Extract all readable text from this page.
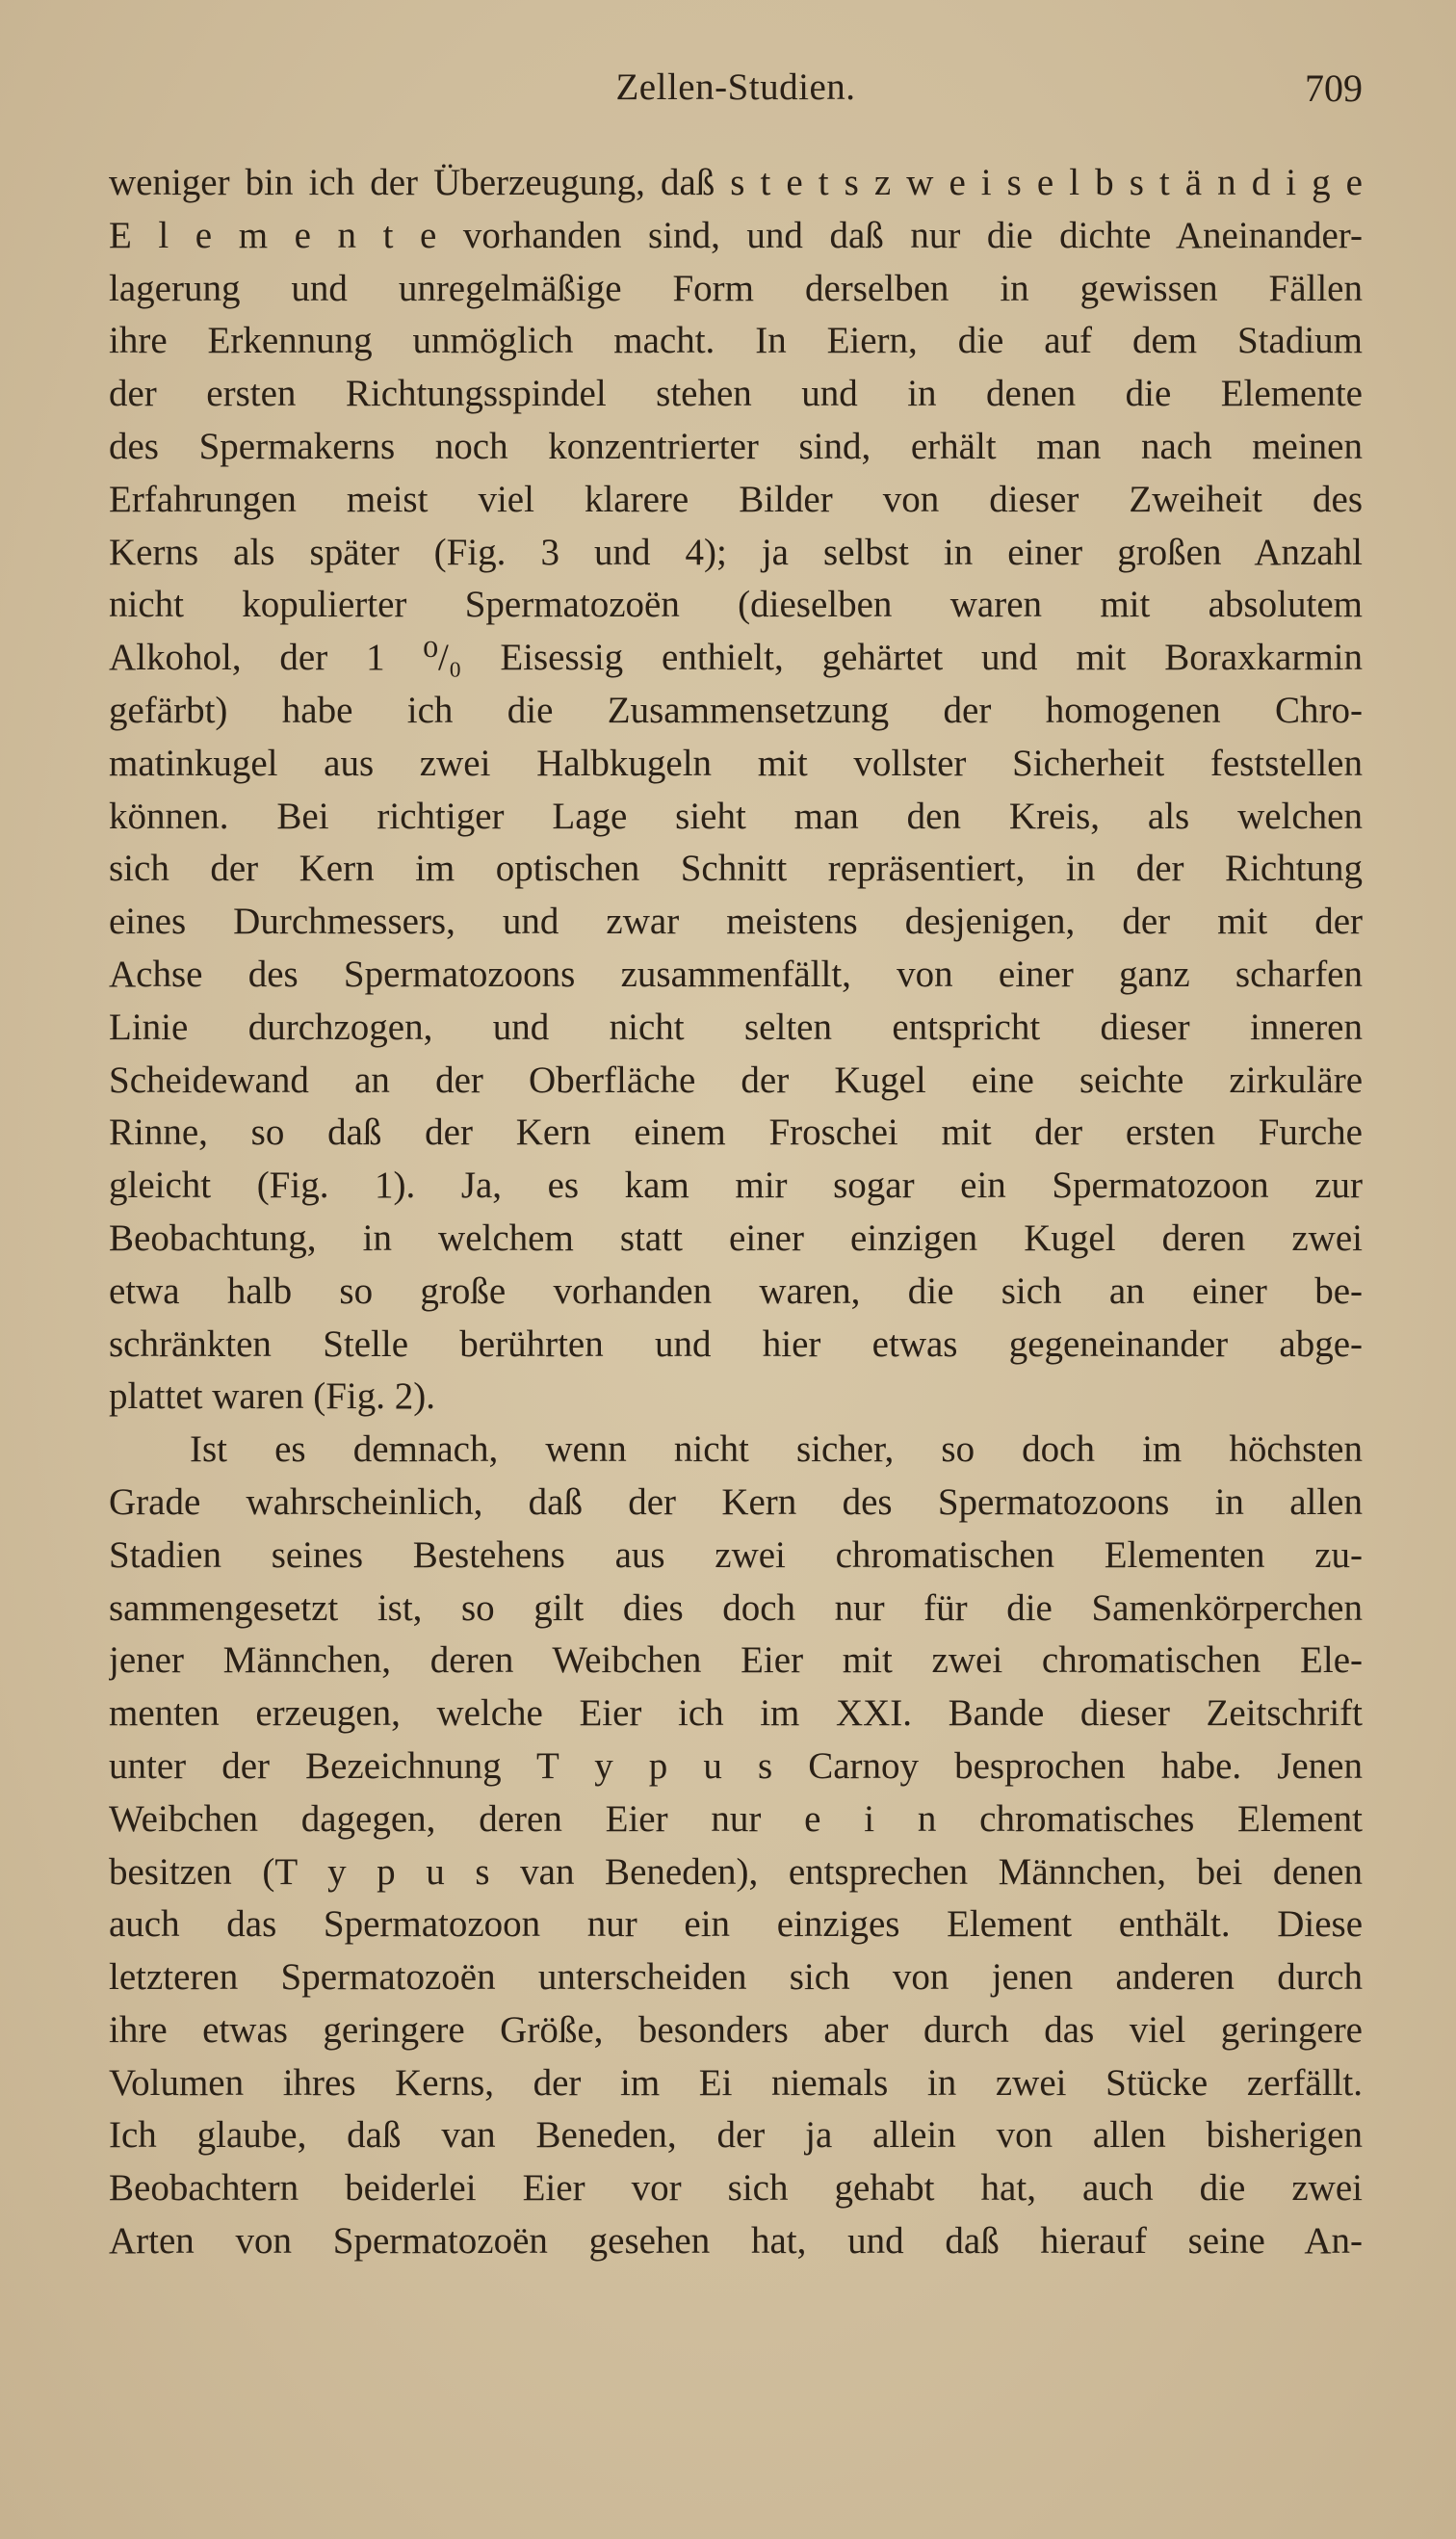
Zellen-Studien.	709
weniger bin ich der Überzeugung, daß s t e t s z w e i s e l b s t ä n d i g e
E l e m e n t e vorhanden sind, und daß nur die dichte Aneinander-
lagerung und unregelmäßige Form derselben in gewissen Fällen
ihre Erkennung unmöglich macht. In Eiern, die auf dem Stadium
der ersten Richtungsspindel stehen und in denen die Elemente
des Spermakerns noch konzentrierter sind, erhält man nach meinen
Erfahrungen meist viel klarere Bilder von dieser Zweiheit des
Kerns als später (Fig. 3 und 4); ja selbst in einer großen Anzahl
nicht kopulierter Spermatozoën (dieselben waren mit absolutem
Alkohol, der 1 ⁰/₀ Eisessig enthielt, gehärtet und mit Boraxkarmin
gefärbt) habe ich die Zusammensetzung der homogenen Chro-
matinkugel aus zwei Halbkugeln mit vollster Sicherheit feststellen
können. Bei richtiger Lage sieht man den Kreis, als welchen
sich der Kern im optischen Schnitt repräsentiert, in der Richtung
eines Durchmessers, und zwar meistens desjenigen, der mit der
Achse des Spermatozoons zusammenfällt, von einer ganz scharfen
Linie durchzogen, und nicht selten entspricht dieser inneren
Scheidewand an der Oberfläche der Kugel eine seichte zirkuläre
Rinne, so daß der Kern einem Froschei mit der ersten Furche
gleicht (Fig. 1). Ja, es kam mir sogar ein Spermatozoon zur
Beobachtung, in welchem statt einer einzigen Kugel deren zwei
etwa halb so große vorhanden waren, die sich an einer be-
schränkten Stelle berührten und hier etwas gegeneinander abge-
plattet waren (Fig. 2).
Ist es demnach, wenn nicht sicher, so doch im höchsten
Grade wahrscheinlich, daß der Kern des Spermatozoons in allen
Stadien seines Bestehens aus zwei chromatischen Elementen zu-
sammengesetzt ist, so gilt dies doch nur für die Samenkörperchen
jener Männchen, deren Weibchen Eier mit zwei chromatischen Ele-
menten erzeugen, welche Eier ich im XXI. Bande dieser Zeitschrift
unter der Bezeichnung T y p u s Carnoy besprochen habe. Jenen
Weibchen dagegen, deren Eier nur e i n chromatisches Element
besitzen (T y p u s van Beneden), entsprechen Männchen, bei denen
auch das Spermatozoon nur ein einziges Element enthält. Diese
letzteren Spermatozoën unterscheiden sich von jenen anderen durch
ihre etwas geringere Größe, besonders aber durch das viel geringere
Volumen ihres Kerns, der im Ei niemals in zwei Stücke zerfällt.
Ich glaube, daß van Beneden, der ja allein von allen bisherigen
Beobachtern beiderlei Eier vor sich gehabt hat, auch die zwei
Arten von Spermatozoën gesehen hat, und daß hierauf seine An-
